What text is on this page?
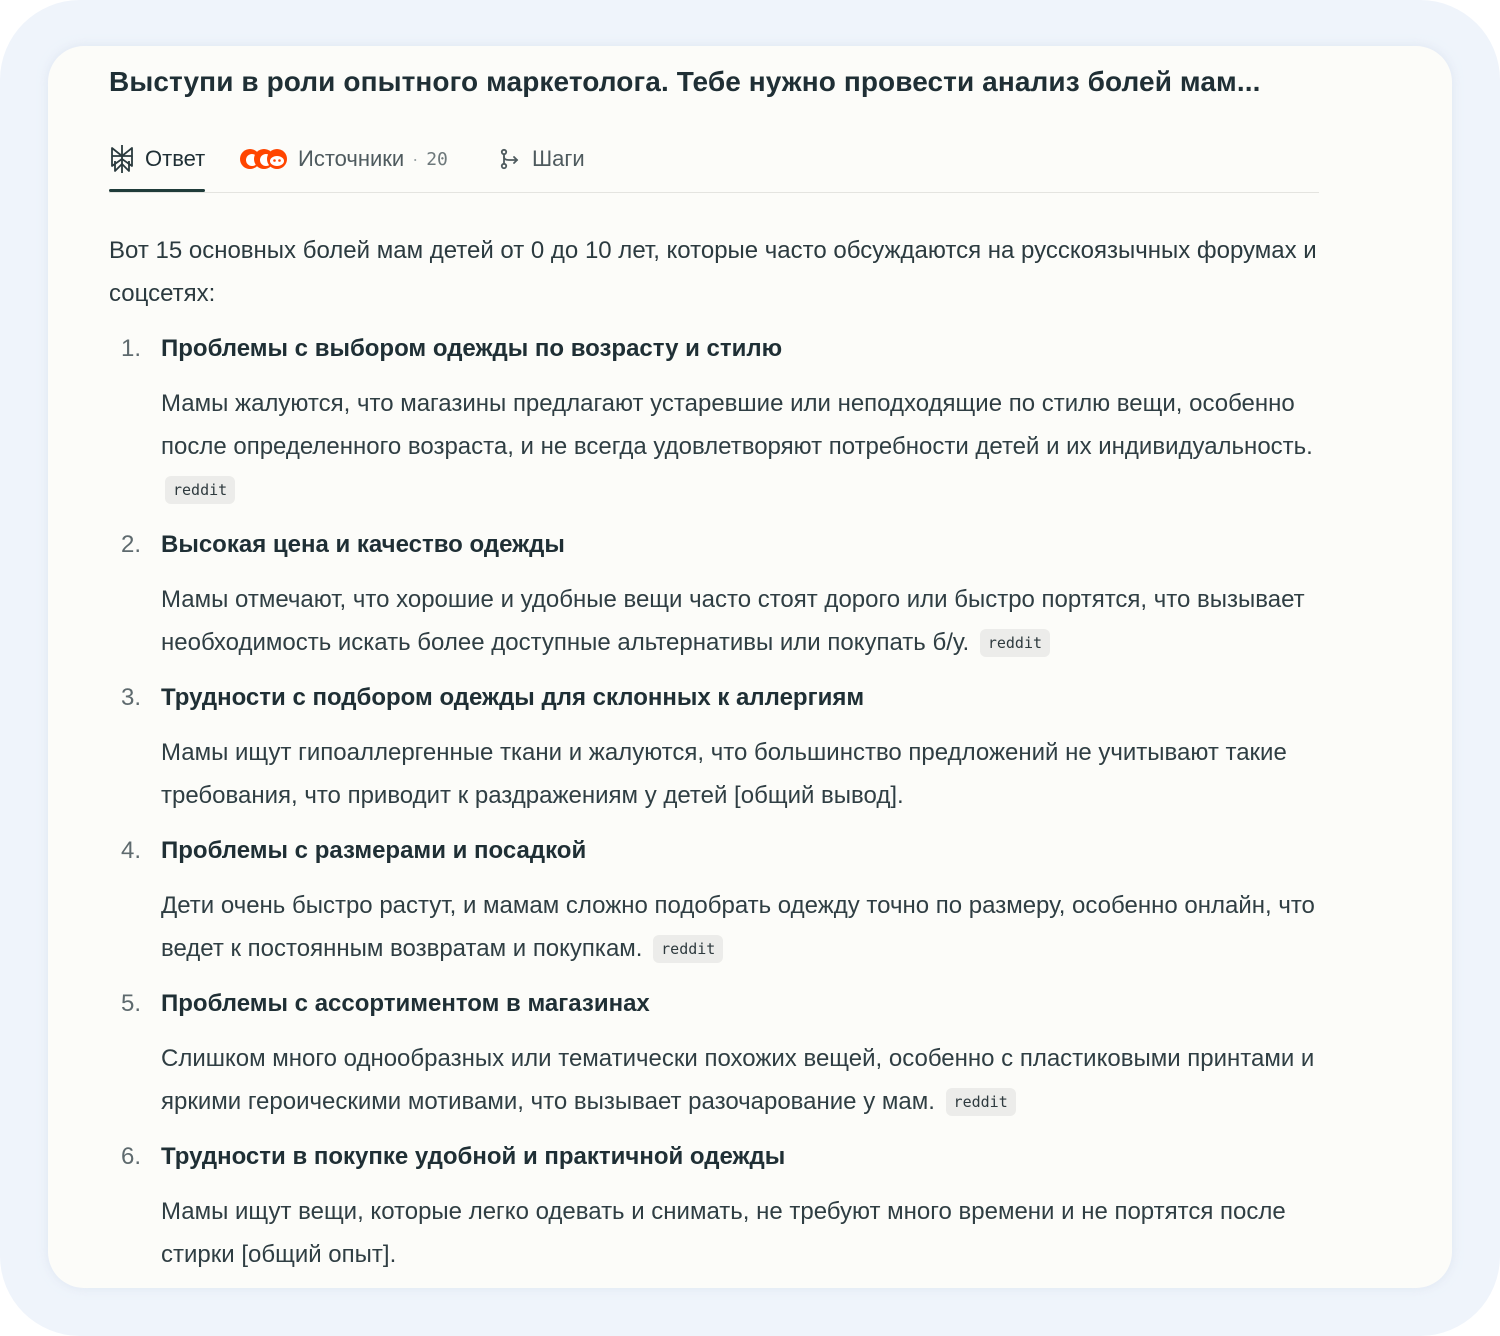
Выступи в роли опытного маркетолога. Тебе нужно провести анализ болей мам...
Ответ	Источники · 20	Шаги

Вот 15 основных болей мам детей от 0 до 10 лет, которые часто обсуждаются на русскоязычных форумах и соцсетях:

1. Проблемы с выбором одежды по возрасту и стилю

Мамы жалуются, что магазины предлагают устаревшие или неподходящие по стилю вещи, особенно после определенного возраста, и не всегда удовлетворяют потребности детей и их индивидуальность. reddit

2. Высокая цена и качество одежды

Мамы отмечают, что хорошие и удобные вещи часто стоят дорого или быстро портятся, что вызывает необходимость искать более доступные альтернативы или покупать б/у. reddit

3. Трудности с подбором одежды для склонных к аллергиям

Мамы ищут гипоаллергенные ткани и жалуются, что большинство предложений не учитывают такие требования, что приводит к раздражениям у детей [общий вывод].

4. Проблемы с размерами и посадкой

Дети очень быстро растут, и мамам сложно подобрать одежду точно по размеру, особенно онлайн, что ведет к постоянным возвратам и покупкам. reddit

5. Проблемы с ассортиментом в магазинах

Слишком много однообразных или тематически похожих вещей, особенно с пластиковыми принтами и яркими героическими мотивами, что вызывает разочарование у мам. reddit

6. Трудности в покупке удобной и практичной одежды

Мамы ищут вещи, которые легко одевать и снимать, не требуют много времени и не портятся после стирки [общий опыт].
